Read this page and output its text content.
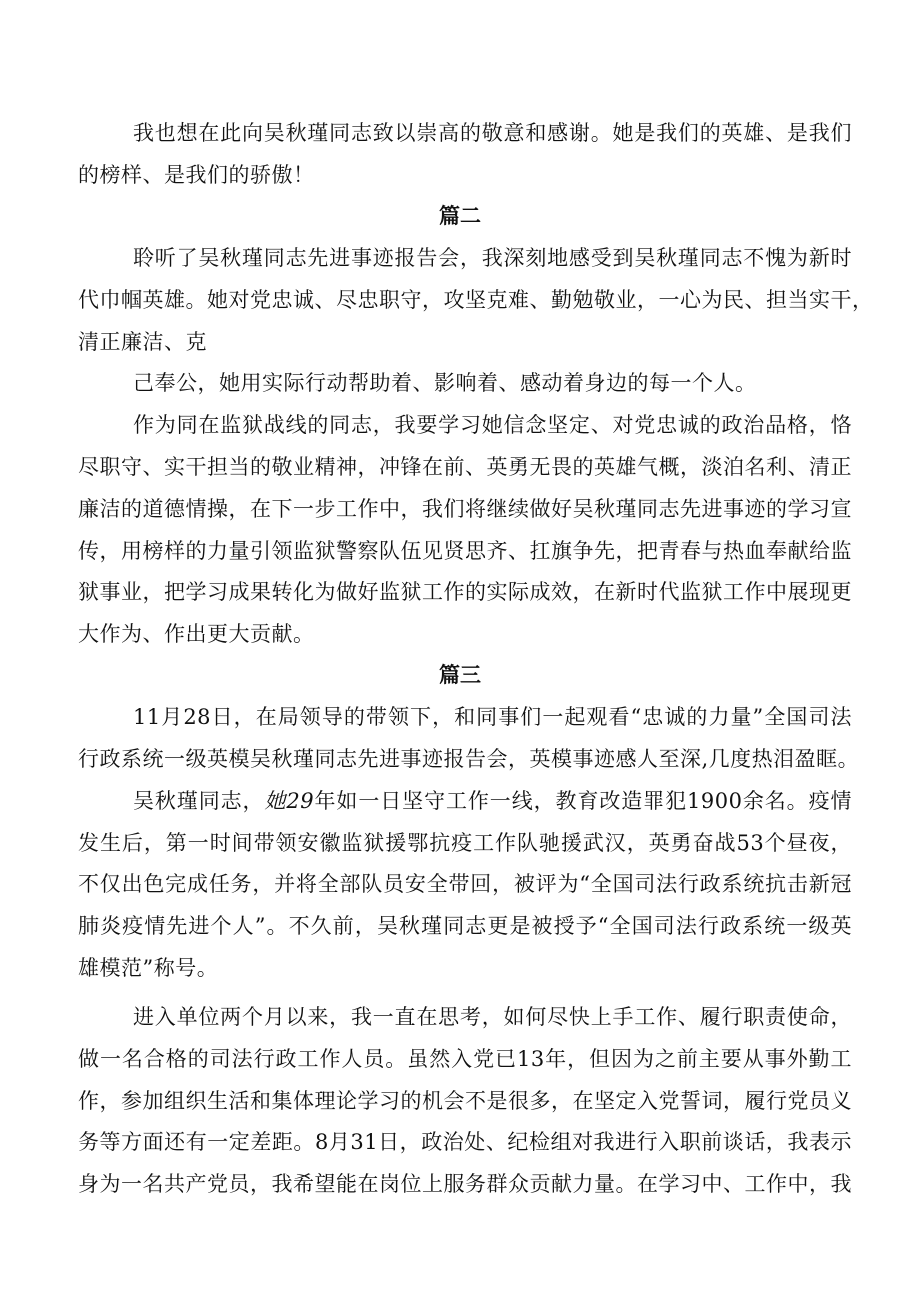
我也想在此向吴秋瑾同志致以崇高的敬意和感谢。她是我们的英雄、是我们
的榜样、是我们的骄傲！
篇二
聆听了吴秋瑾同志先进事迹报告会，我深刻地感受到吴秋瑾同志不愧为新时
代巾帼英雄。她对党忠诚、尽忠职守，攻坚克难、勤勉敬业，一心为民、担当实干，
清正廉洁、克
己奉公，她用实际行动帮助着、影响着、感动着身边的每一个人。
作为同在监狱战线的同志，我要学习她信念坚定、对党忠诚的政治品格，恪
尽职守、实干担当的敬业精神，冲锋在前、英勇无畏的英雄气概，淡泊名利、清正
廉洁的道德情操，在下一步工作中，我们将继续做好吴秋瑾同志先进事迹的学习宣
传，用榜样的力量引领监狱警察队伍见贤思齐、扛旗争先，把青春与热血奉献给监
狱事业，把学习成果转化为做好监狱工作的实际成效，在新时代监狱工作中展现更
大作为、作出更大贡献。
篇三
11月28日，在局领导的带领下，和同事们一起观看“忠诚的力量”全国司法
行政系统一级英模吴秋瑾同志先进事迹报告会，英模事迹感人至深,几度热泪盈眶。
吴秋瑾同志，她29年如一日坚守工作一线，教育改造罪犯1900余名。疫情
发生后，第一时间带领安徽监狱援鄂抗疫工作队驰援武汉，英勇奋战53个昼夜，
不仅出色完成任务，并将全部队员安全带回，被评为“全国司法行政系统抗击新冠
肺炎疫情先进个人”。不久前，吴秋瑾同志更是被授予“全国司法行政系统一级英
雄模范”称号。
进入单位两个月以来，我一直在思考，如何尽快上手工作、履行职责使命，
做一名合格的司法行政工作人员。虽然入党已13年，但因为之前主要从事外勤工
作，参加组织生活和集体理论学习的机会不是很多，在坚定入党誓词，履行党员义
务等方面还有一定差距。8月31日，政治处、纪检组对我进行入职前谈话，我表示
身为一名共产党员，我希望能在岗位上服务群众贡献力量。在学习中、工作中，我
